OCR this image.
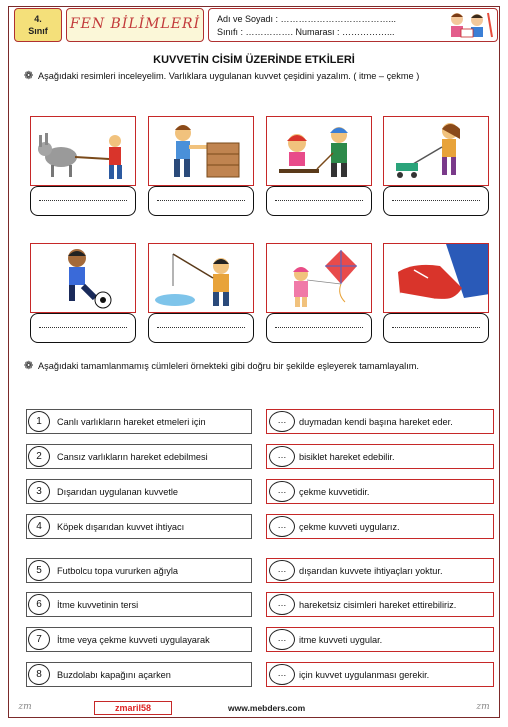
4.
Sınıf	FEN BİLİMLERİ	Adı ve Soyadı : ………………………………...
Sınıfı : ……………. Numarası : ……………...
KUVVETİN CİSİM ÜZERİNDE ETKİLERİ
❁ Aşağıdaki resimleri inceleyelim. Varlıklara uygulanan kuvvet çeşidini yazalım. ( itme – çekme )
❁ Aşağıdaki tamamlanmamış cümleleri örnekteki gibi doğru bir şekilde eşleyerek tamamlayalım.
1	Canlı varlıkların hareket etmeleri için
2	Cansız varlıkların hareket edebilmesi
3	Dışarıdan uygulanan kuvvetle
4	Köpek dışarıdan kuvvet ihtiyacı
5	Futbolcu topa vururken ağıyla
6	İtme kuvvetinin tersi
7	İtme veya çekme kuvveti uygulayarak
8	Buzdolabı kapağını açarken
…	duymadan kendi başına hareket eder.
…	bisiklet hareket edebilir.
…	çekme kuvvetidir.
…	çekme kuvveti uygularız.
…	dışarıdan kuvvete ihtiyaçları yoktur.
…	hareketsiz cisimleri hareket ettirebiliriz.
…	itme kuvveti uygular.
…	için kuvvet uygulanması gerekir.
zm	zmaril58	www.mebders.com	zm
